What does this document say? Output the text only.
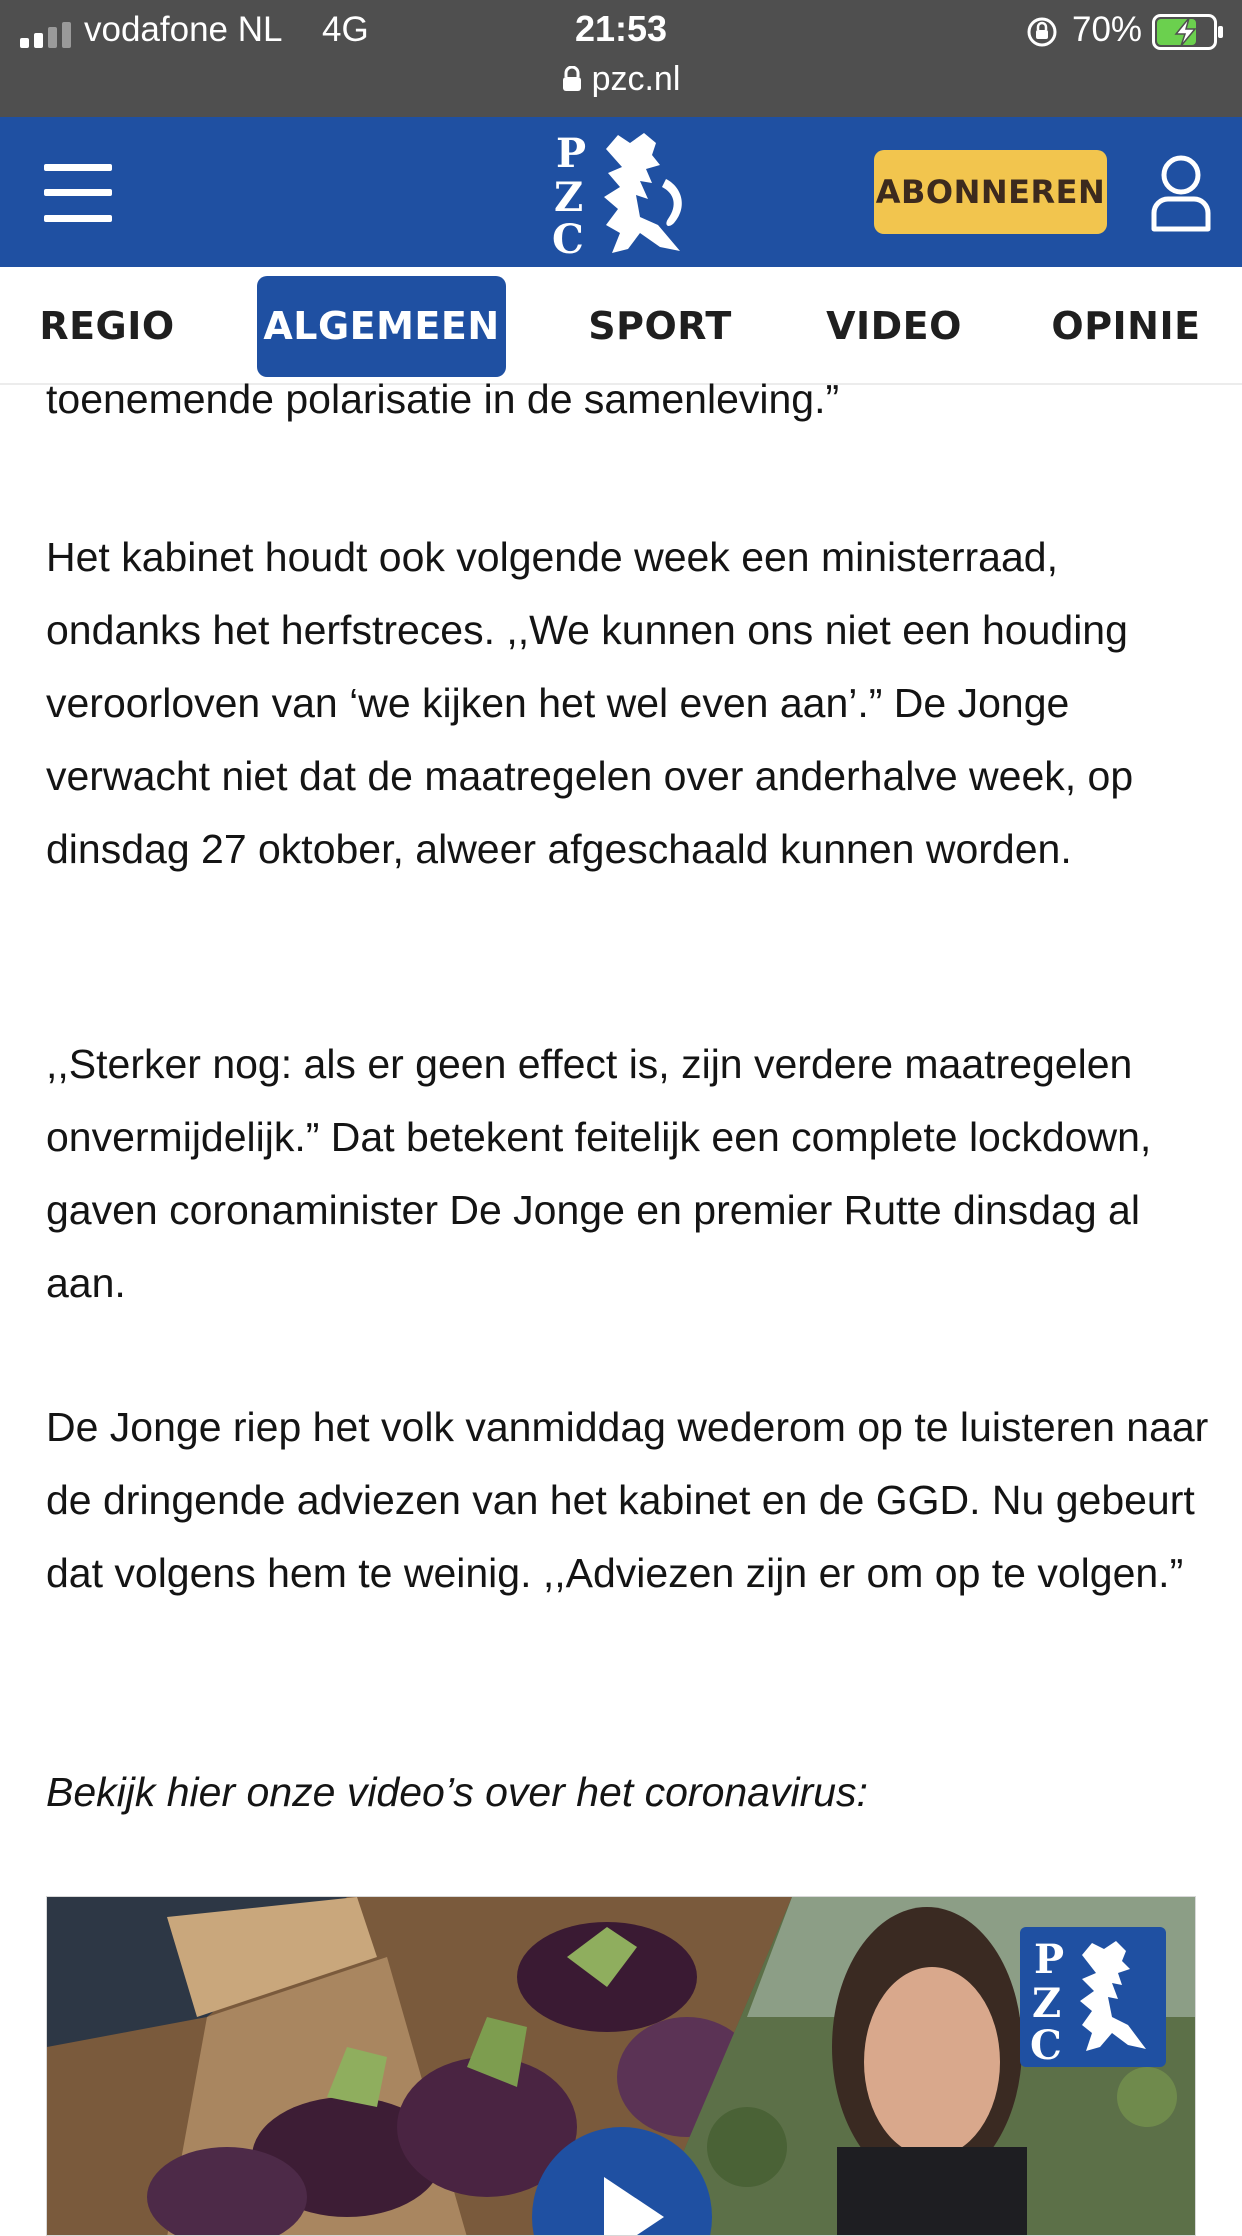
vodafone NL 4G	21:53
pzc.nl
70%
P
Z
C
ABONNEREN
REGIO	ALGEMEEN	SPORT	VIDEO	OPINIE

toenemende polarisatie in de samenleving.”

Het kabinet houdt ook volgende week een ministerraad, ondanks het herfstreces. ,,We kunnen ons niet een houding veroorloven van ‘we kijken het wel even aan’.” De Jonge verwacht niet dat de maatregelen over anderhalve week, op dinsdag 27 oktober, alweer afgeschaald kunnen worden.

,,Sterker nog: als er geen effect is, zijn verdere maatregelen onvermijdelijk.” Dat betekent feitelijk een complete lockdown, gaven coronaminister De Jonge en premier Rutte dinsdag al aan.

De Jonge riep het volk vanmiddag wederom op te luisteren naar de dringende adviezen van het kabinet en de GGD. Nu gebeurt dat volgens hem te weinig. ,,Adviezen zijn er om op te volgen.”

Bekijk hier onze video’s over het coronavirus:

P
Z
C
